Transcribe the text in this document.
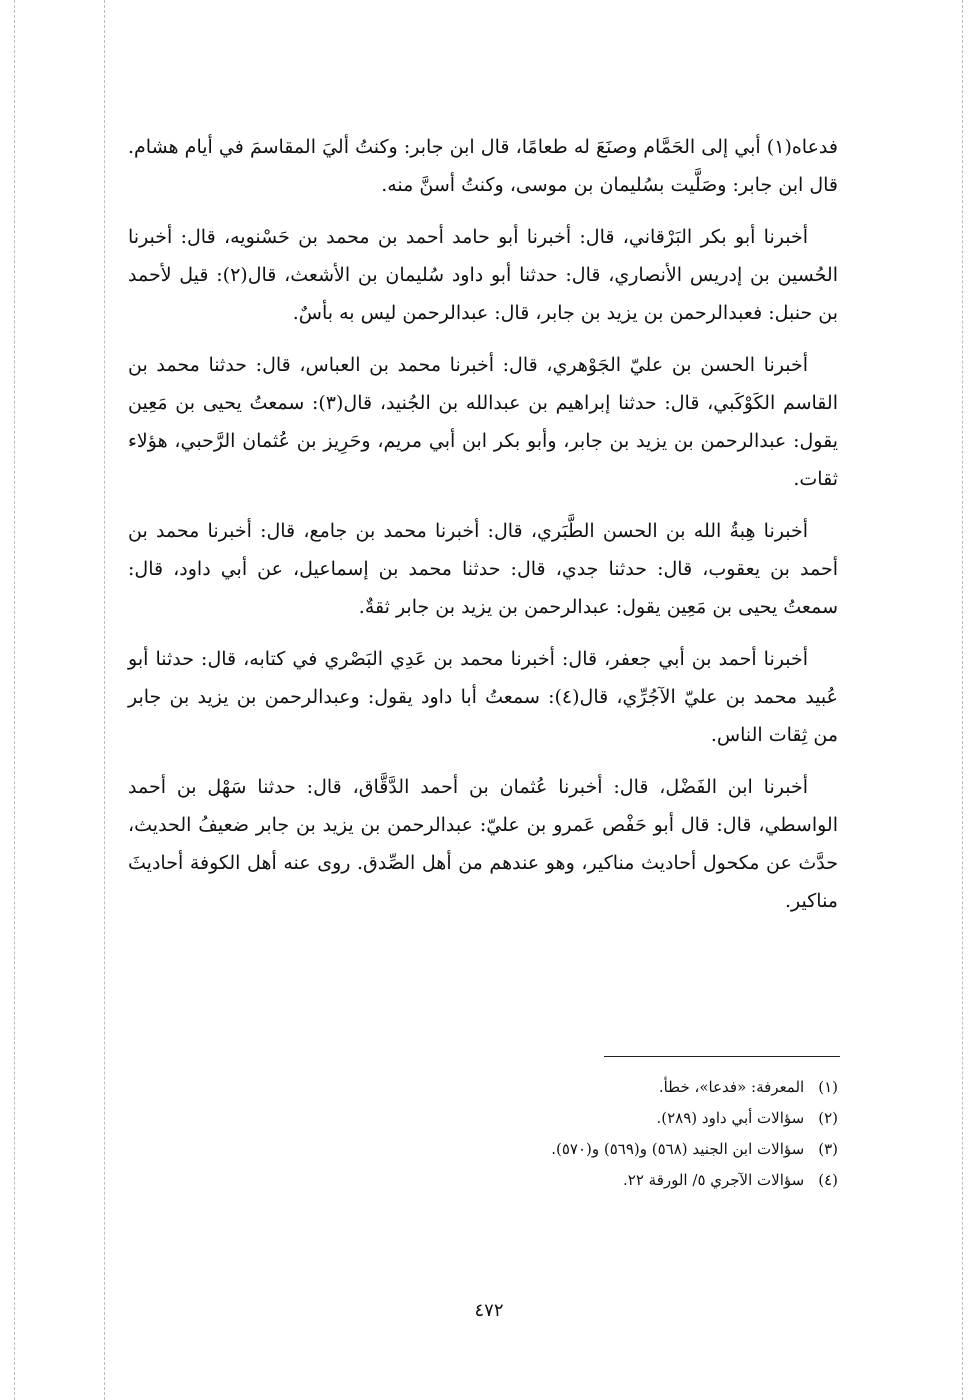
فدعاه(١) أبي إلى الحَمَّام وصنَعَ له طعامًا، قال ابن جابر: وكنتُ أليَ المقاسمَ في أيام هشام. قال ابن جابر: وصَلَّيت بسُليمان بن موسى، وكنتُ أسنَّ منه.

أخبرنا أبو بكر البَرْقاني، قال: أخبرنا أبو حامد أحمد بن محمد بن حَسْنويه، قال: أخبرنا الحُسين بن إدريس الأنصاري، قال: حدثنا أبو داود سُليمان بن الأشعث، قال(٢): قيل لأحمد بن حنبل: فعبدالرحمن بن يزيد بن جابر، قال: عبدالرحمن ليس به بأسٌ.

أخبرنا الحسن بن عليّ الجَوْهري، قال: أخبرنا محمد بن العباس، قال: حدثنا محمد بن القاسم الكَوْكَبي، قال: حدثنا إبراهيم بن عبدالله بن الجُنيد، قال(٣): سمعتُ يحيى بن مَعِين يقول: عبدالرحمن بن يزيد بن جابر، وأبو بكر ابن أبي مريم، وحَرِيز بن عُثمان الرَّحبي، هؤلاء ثقات.

أخبرنا هِبةُ الله بن الحسن الطَّبَري، قال: أخبرنا محمد بن جامع، قال: أخبرنا محمد بن أحمد بن يعقوب، قال: حدثنا جدي، قال: حدثنا محمد بن إسماعيل، عن أبي داود، قال: سمعتُ يحيى بن مَعِين يقول: عبدالرحمن بن يزيد بن جابر ثقةٌ.

أخبرنا أحمد بن أبي جعفر، قال: أخبرنا محمد بن عَدِي البَصْري في كتابه، قال: حدثنا أبو عُبيد محمد بن عليّ الآجُرِّي، قال(٤): سمعتُ أبا داود يقول: وعبدالرحمن بن يزيد بن جابر من ثِقات الناس.

أخبرنا ابن الفَضْل، قال: أخبرنا عُثمان بن أحمد الدَّقَّاق، قال: حدثنا سَهْل بن أحمد الواسطي، قال: قال أبو حَفْص عَمرو بن عليّ: عبدالرحمن بن يزيد بن جابر ضعيفُ الحديث، حدَّث عن مكحول أحاديث مناكير، وهو عندهم من أهل الصِّدق. روى عنه أهل الكوفة أحاديثَ مناكير.

(١)المعرفة: «فدعا»، خطأ.
(٢)سؤالات أبي داود (٢٨٩).
(٣)سؤالات ابن الجنيد (٥٦٨) و(٥٦٩) و(٥٧٠).
(٤)سؤالات الآجري ٥/ الورقة ٢٢.
٤٧٢
